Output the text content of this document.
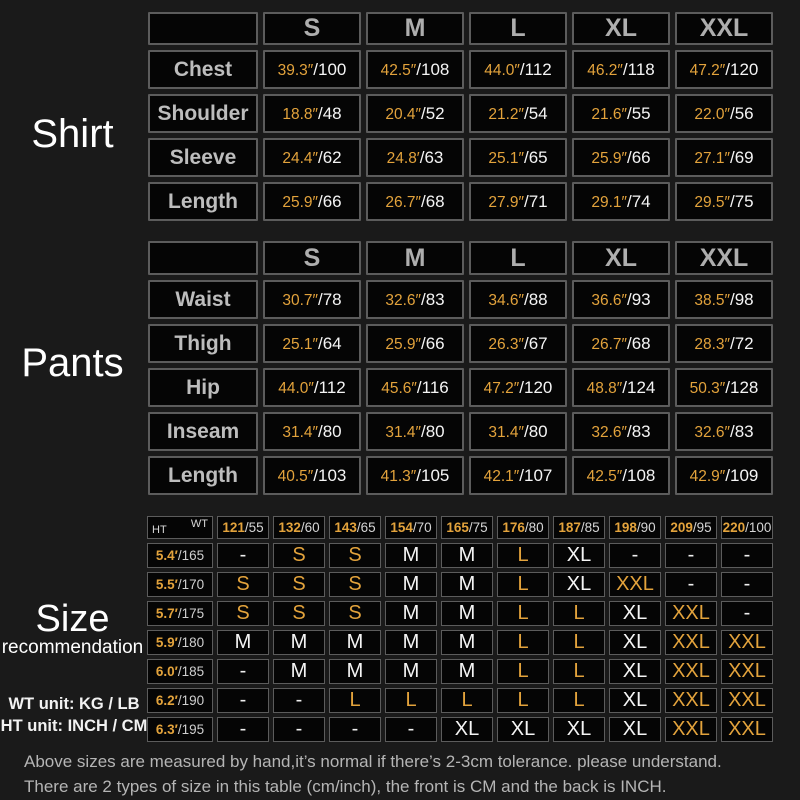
Shirt
Pants
Size
recommendation
WT unit: KG / LB
HT unit: INCH / CM
	S	M	L	XL	XXL
Chest	39.3″/100	42.5″/108	44.0″/112	46.2″/118	47.2″/120
Shoulder	18.8″/48	20.4″/52	21.2″/54	21.6″/55	22.0″/56
Sleeve	24.4″/62	24.8′/63	25.1″/65	25.9″/66	27.1″/69
Length	25.9″/66	26.7″/68	27.9″/71	29.1″/74	29.5″/75
	S	M	L	XL	XXL
Waist	30.7″/78	32.6″/83	34.6″/88	36.6″/93	38.5″/98
Thigh	25.1″/64	25.9″/66	26.3″/67	26.7″/68	28.3″/72
Hip	44.0″/112	45.6″/116	47.2″/120	48.8″/124	50.3″/128
Inseam	31.4″/80	31.4″/80	31.4″/80	32.6″/83	32.6″/83
Length	40.5″/103	41.3″/105	42.1″/107	42.5″/108	42.9″/109
WT
HT	121/55	132/60	143/65	154/70	165/75	176/80	187/85	198/90	209/95	220/100
5.4′/165	-	S	S	M	M	L	XL	-	-	-
5.5′/170	S	S	S	M	M	L	XL	XXL	-	-
5.7′/175	S	S	S	M	M	L	L	XL	XXL	-
5.9′/180	M	M	M	M	M	L	L	XL	XXL	XXL
6.0′/185	-	M	M	M	M	L	L	XL	XXL	XXL
6.2′/190	-	-	L	L	L	L	L	XL	XXL	XXL
6.3′/195	-	-	-	-	XL	XL	XL	XL	XXL	XXL
Above sizes are measured by hand,it’s normal if there’s 2-3cm tolerance. please understand.
There are 2 types of size in this table (cm/inch), the front is CM and the back is INCH.
